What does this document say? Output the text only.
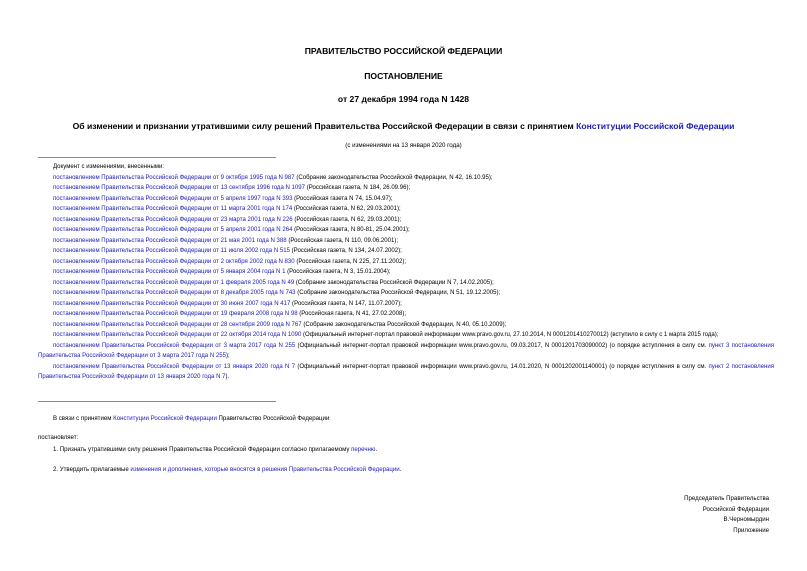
ПРАВИТЕЛЬСТВО РОССИЙСКОЙ ФЕДЕРАЦИИ
ПОСТАНОВЛЕНИЕ
от 27 декабря 1994 года N 1428
Об изменении и признании утратившими силу решений Правительства Российской Федерации в связи с принятием Конституции Российской Федерации
(с изменениями на 13 января 2020 года)
Документ с изменениями, внесенными:
постановлением Правительства Российской Федерации от 9 октября 1995 года N 987 (Собрание законодательства Российской Федерации, N 42, 16.10.95);
постановлением Правительства Российской Федерации от 13 сентября 1996 года N 1097 (Российская газета, N 184, 26.09.96);
постановлением Правительства Российской Федерации от 5 апреля 1997 года N 393 (Российская газета N 74, 15.04.97);
постановлением Правительства Российской Федерации от 11 марта 2001 года N 174 (Российская газета, N 62, 29.03.2001);
постановлением Правительства Российской Федерации от 23 марта 2001 года N 226 (Российская газета, N 62, 29.03.2001);
постановлением Правительства Российской Федерации от 5 апреля 2001 года N 264 (Российская газета, N 80-81, 25.04.2001);
постановлением Правительства Российской Федерации от 21 мая 2001 года N 388 (Российская газета, N 110, 09.06.2001);
постановлением Правительства Российской Федерации от 11 июля 2002 года N 515 (Российская газета, N 134, 24.07.2002);
постановлением Правительства Российской Федерации от 2 октября 2002 года N 830 (Российская газета, N 225, 27.11.2002);
постановлением Правительства Российской Федерации от 5 января 2004 года N 1 (Российская газета, N 3, 15.01.2004);
постановлением Правительства Российской Федерации от 1 февраля 2005 года N 49 (Собрание законодательства Российской Федерации N 7, 14.02.2005);
постановлением Правительства Российской Федерации от 8 декабря 2005 года N 743 (Собрание законодательства Российской Федерации, N 51, 19.12.2005);
постановлением Правительства Российской Федерации от 30 июня 2007 года N 417 (Российская газета, N 147, 11.07.2007);
постановлением Правительства Российской Федерации от 19 февраля 2008 года N 98 (Российская газета, N 41, 27.02.2008);
постановлением Правительства Российской Федерации от 28 сентября 2009 года N 767 (Собрание законодательства Российской Федерации, N 40, 05.10.2009);
постановлением Правительства Российской Федерации от 22 октября 2014 года N 1090 (Официальный интернет-портал правовой информации www.pravo.gov.ru, 27.10.2014, N 0001201410270012) (вступило в силу с 1 марта 2015 года);
постановлением Правительства Российской Федерации от 3 марта 2017 года N 255 (Официальный интернет-портал правовой информации www.pravo.gov.ru, 09.03.2017, N 0001201703090002) (о порядке вступления в силу см. пункт 3 постановления Правительства Российской Федерации от 3 марта 2017 года N 255);
постановлением Правительства Российской Федерации от 13 января 2020 года N 7 (Официальный интернет-портал правовой информации www.pravo.gov.ru, 14.01.2020, N 0001202001140001) (о порядке вступления в силу см. пункт 2 постановления Правительства Российской Федерации от 13 января 2020 года N 7).
В связи с принятием Конституции Российской Федерации Правительство Российской Федерации
постановляет:
1. Признать утратившими силу решения Правительства Российской Федерации согласно прилагаемому перечню.
2. Утвердить прилагаемые изменения и дополнения, которые вносятся в решения Правительства Российской Федерации.
Председатель Правительства
Российской Федерации
В.Черномырдин
Приложение
